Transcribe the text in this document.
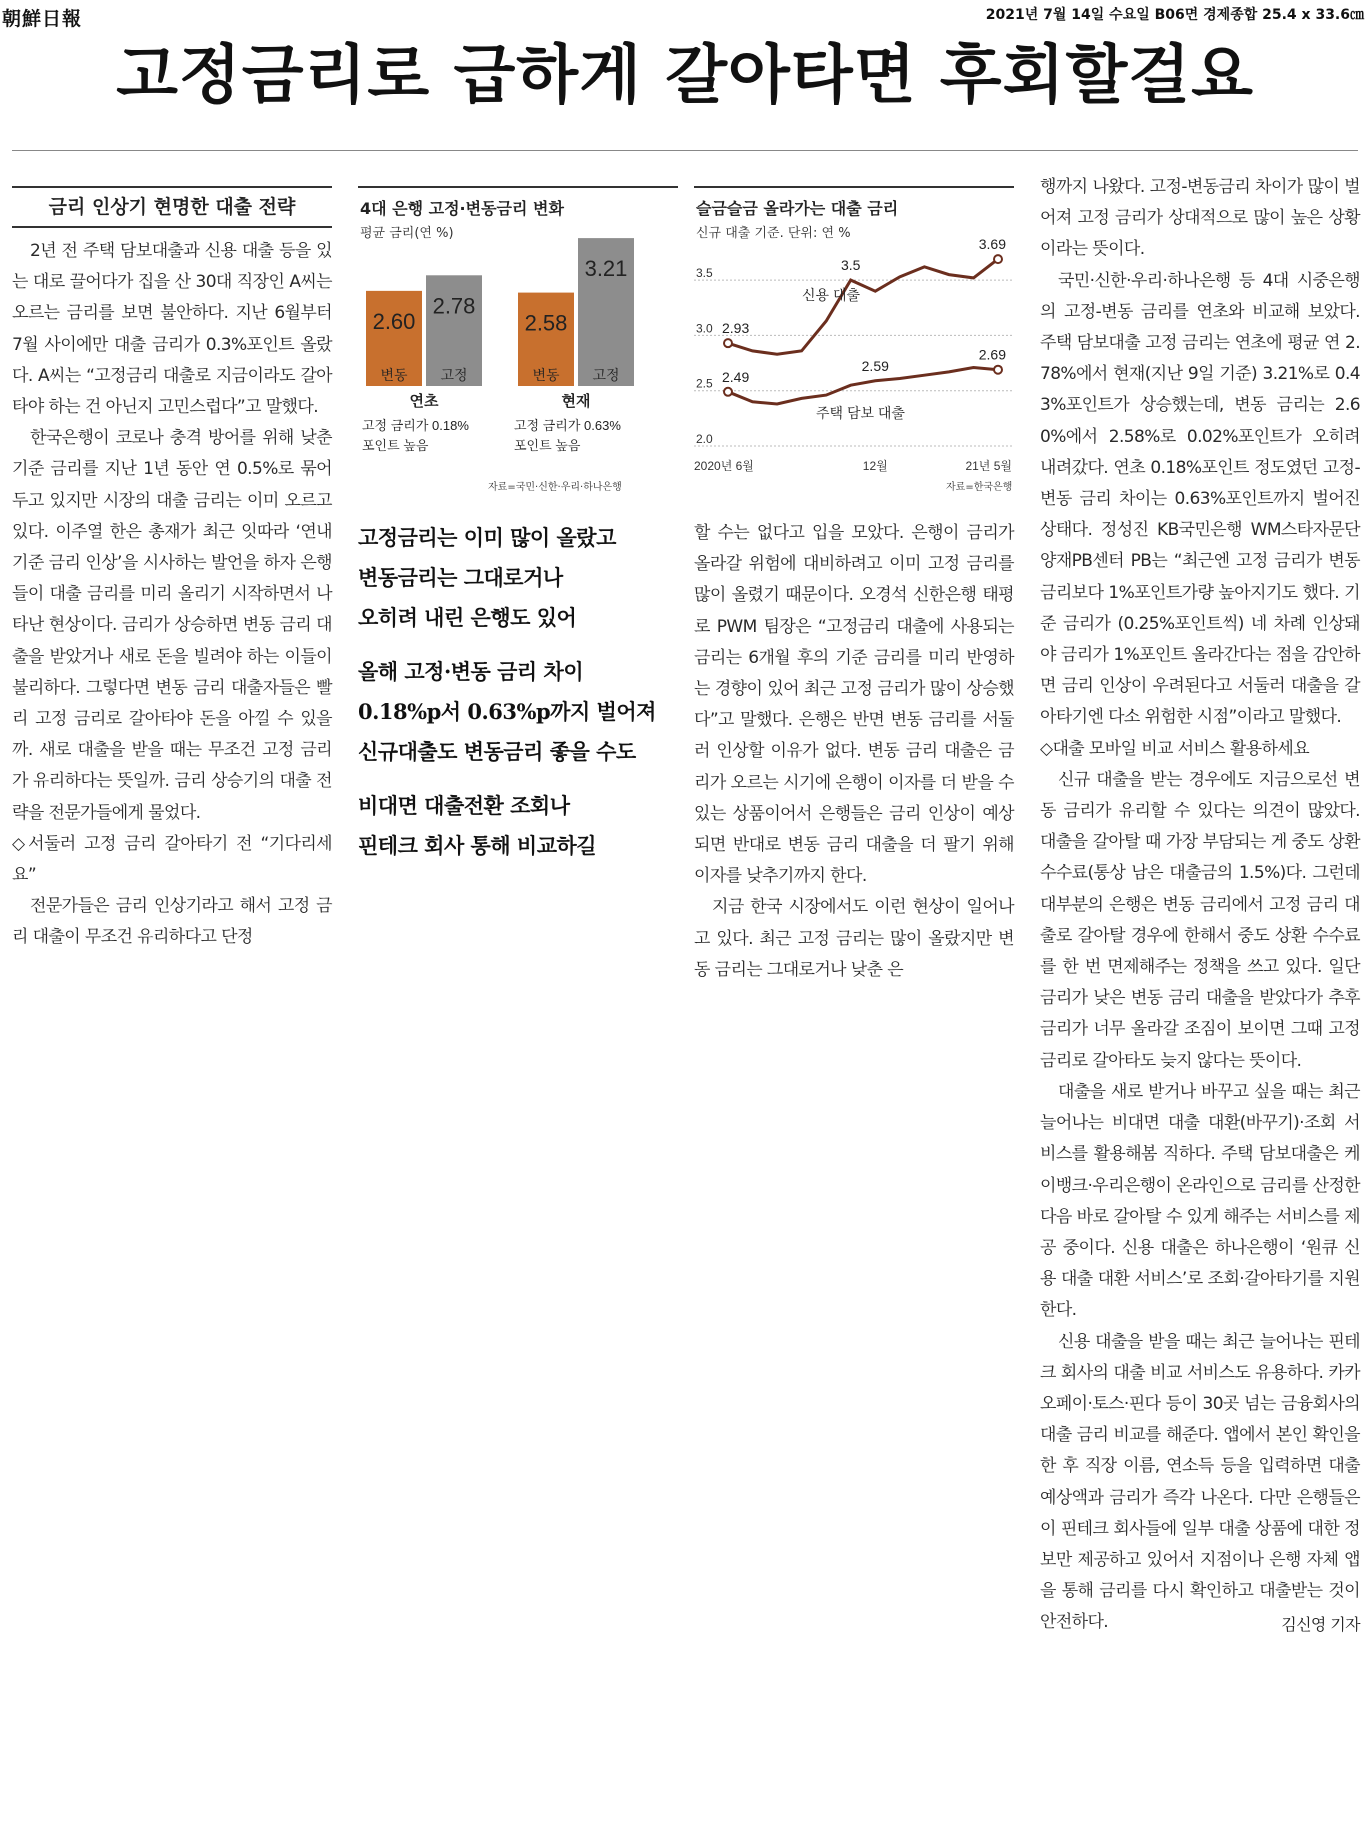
朝鮮日報	2021년 7월 14일 수요일 B06면 경제종합 25.4 x 33.6㎝
고정금리로 급하게 갈아타면 후회할걸요
금리 인상기 현명한 대출 전략

2년 전 주택 담보대출과 신용 대출 등을 있는 대로 끌어다가 집을 산 30대 직장인 A씨는 오르는 금리를 보면 불안하다. 지난 6월부터 7월 사이에만 대출 금리가 0.3%포인트 올랐다. A씨는 “고정금리 대출로 지금이라도 갈아타야 하는 건 아닌지 고민스럽다”고 말했다.

한국은행이 코로나 충격 방어를 위해 낮춘 기준 금리를 지난 1년 동안 연 0.5%로 묶어두고 있지만 시장의 대출 금리는 이미 오르고 있다. 이주열 한은 총재가 최근 잇따라 ‘연내 기준 금리 인상’을 시사하는 발언을 하자 은행들이 대출 금리를 미리 올리기 시작하면서 나타난 현상이다. 금리가 상승하면 변동 금리 대출을 받았거나 새로 돈을 빌려야 하는 이들이 불리하다. 그렇다면 변동 금리 대출자들은 빨리 고정 금리로 갈아타야 돈을 아낄 수 있을까. 새로 대출을 받을 때는 무조건 고정 금리가 유리하다는 뜻일까. 금리 상승기의 대출 전략을 전문가들에게 물었다.

◇서둘러 고정 금리 갈아타기 전 “기다리세요”

전문가들은 금리 인상기라고 해서 고정 금리 대출이 무조건 유리하다고 단정

4대 은행 고정·변동금리 변화
평균 금리(연 %)
2.60
변동
2.78
고정
연초
고정 금리가 0.18%
포인트 높음
2.58
변동
3.21
고정
현재
고정 금리가 0.63%
포인트 높음
자료=국민·신한·우리·하나은행
슬금슬금 올라가는 대출 금리
신규 대출 기준. 단위: 연 %
3.5
3.0
2.5
2.0
2.93
3.5
3.69
2.49
2.59
2.69
신용 대출
주택 담보 대출
2020년 6월	12월	21년 5월
자료=한국은행
고정금리는 이미 많이 올랐고
변동금리는 그대로거나
오히려 내린 은행도 있어
올해 고정·변동 금리 차이
0.18%p서 0.63%p까지 벌어져
신규대출도 변동금리 좋을 수도
비대면 대출전환 조회나
핀테크 회사 통해 비교하길

할 수는 없다고 입을 모았다. 은행이 금리가 올라갈 위험에 대비하려고 이미 고정 금리를 많이 올렸기 때문이다. 오경석 신한은행 태평로 PWM 팀장은 “고정금리 대출에 사용되는 금리는 6개월 후의 기준 금리를 미리 반영하는 경향이 있어 최근 고정 금리가 많이 상승했다”고 말했다. 은행은 반면 변동 금리를 서둘러 인상할 이유가 없다. 변동 금리 대출은 금리가 오르는 시기에 은행이 이자를 더 받을 수 있는 상품이어서 은행들은 금리 인상이 예상되면 반대로 변동 금리 대출을 더 팔기 위해 이자를 낮추기까지 한다.

지금 한국 시장에서도 이런 현상이 일어나고 있다. 최근 고정 금리는 많이 올랐지만 변동 금리는 그대로거나 낮춘 은

행까지 나왔다. 고정-변동금리 차이가 많이 벌어져 고정 금리가 상대적으로 많이 높은 상황이라는 뜻이다.

국민·신한·우리·하나은행 등 4대 시중은행의 고정-변동 금리를 연초와 비교해 보았다. 주택 담보대출 고정 금리는 연초에 평균 연 2.78%에서 현재(지난 9일 기준) 3.21%로 0.43%포인트가 상승했는데, 변동 금리는 2.60%에서 2.58%로 0.02%포인트가 오히려 내려갔다. 연초 0.18%포인트 정도였던 고정-변동 금리 차이는 0.63%포인트까지 벌어진 상태다. 정성진 KB국민은행 WM스타자문단 양재PB센터 PB는 “최근엔 고정 금리가 변동 금리보다 1%포인트가량 높아지기도 했다. 기준 금리가 (0.25%포인트씩) 네 차례 인상돼야 금리가 1%포인트 올라간다는 점을 감안하면 금리 인상이 우려된다고 서둘러 대출을 갈아타기엔 다소 위험한 시점”이라고 말했다.

◇대출 모바일 비교 서비스 활용하세요

신규 대출을 받는 경우에도 지금으로선 변동 금리가 유리할 수 있다는 의견이 많았다. 대출을 갈아탈 때 가장 부담되는 게 중도 상환 수수료(통상 남은 대출금의 1.5%)다. 그런데 대부분의 은행은 변동 금리에서 고정 금리 대출로 갈아탈 경우에 한해서 중도 상환 수수료를 한 번 면제해주는 정책을 쓰고 있다. 일단 금리가 낮은 변동 금리 대출을 받았다가 추후 금리가 너무 올라갈 조짐이 보이면 그때 고정 금리로 갈아타도 늦지 않다는 뜻이다.

대출을 새로 받거나 바꾸고 싶을 때는 최근 늘어나는 비대면 대출 대환(바꾸기)·조회 서비스를 활용해봄 직하다. 주택 담보대출은 케이뱅크·우리은행이 온라인으로 금리를 산정한 다음 바로 갈아탈 수 있게 해주는 서비스를 제공 중이다. 신용 대출은 하나은행이 ‘원큐 신용 대출 대환 서비스’로 조회·갈아타기를 지원한다.

신용 대출을 받을 때는 최근 늘어나는 핀테크 회사의 대출 비교 서비스도 유용하다. 카카오페이·토스·핀다 등이 30곳 넘는 금융회사의 대출 금리 비교를 해준다. 앱에서 본인 확인을 한 후 직장 이름, 연소득 등을 입력하면 대출 예상액과 금리가 즉각 나온다. 다만 은행들은 이 핀테크 회사들에 일부 대출 상품에 대한 정보만 제공하고 있어서 지점이나 은행 자체 앱을 통해 금리를 다시 확인하고 대출받는 것이 안전하다.	김신영 기자
